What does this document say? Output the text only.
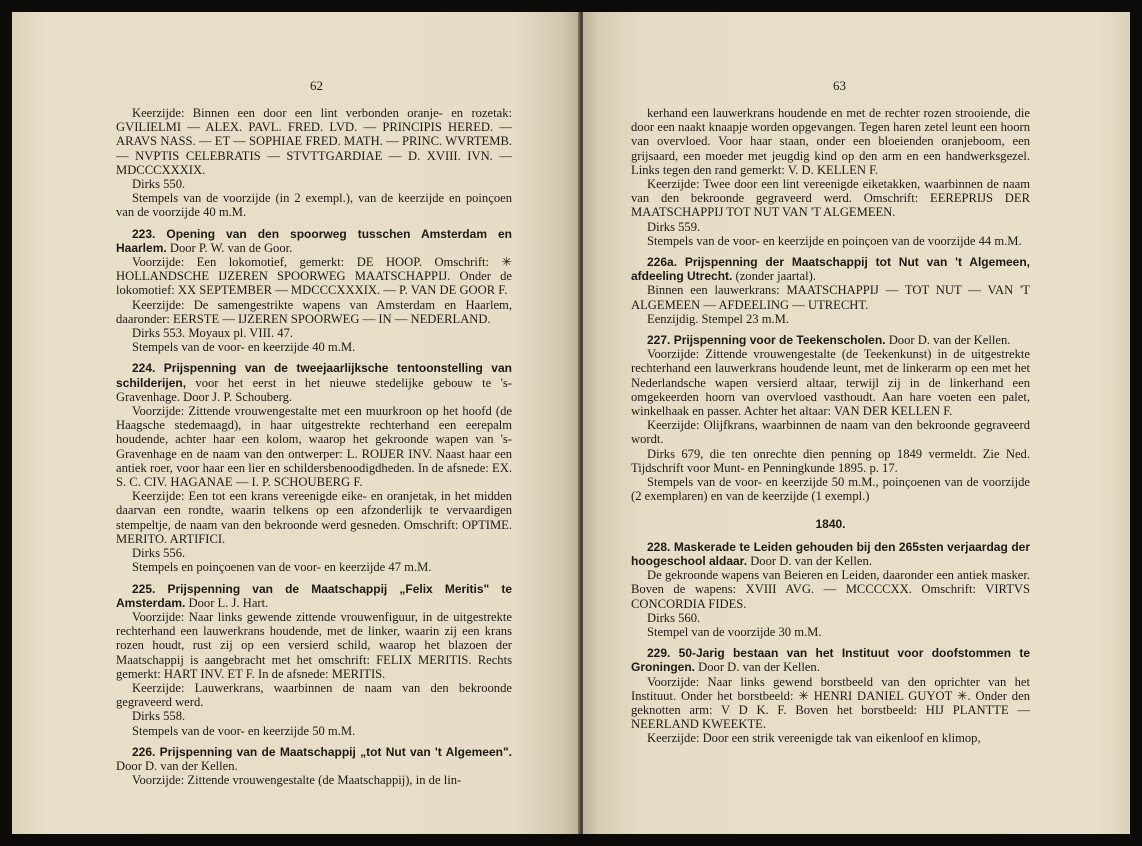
62

Keerzijde: Binnen een door een lint verbonden oranje- en rozetak: GVILIELMI — ALEX. PAVL. FRED. LVD. — PRINCIPIS HERED. — ARAVS NASS. — ET — SOPHIAE FRED. MATH. — PRINC. WVRTEMB. — NVPTIS CELEBRATIS — STVTTGARDIAE — D. XVIII. IVN. — MDCCCXXXIX.

Dirks 550.

Stempels van de voorzijde (in 2 exempl.), van de keerzijde en poinçoen van de voorzijde 40 m.M.

223. Opening van den spoorweg tusschen Amsterdam en Haarlem. Door P. W. van de Goor.

Voorzijde: Een lokomotief, gemerkt: DE HOOP. Omschrift: ✳ HOLLANDSCHE IJZEREN SPOORWEG MAATSCHAPPIJ. Onder de lokomotief: XX SEPTEMBER — MDCCCXXXIX. — P. VAN DE GOOR F.

Keerzijde: De samengestrikte wapens van Amsterdam en Haarlem, daaronder: EERSTE — IJZEREN SPOORWEG — IN — NEDERLAND.

Dirks 553. Moyaux pl. VIII. 47.

Stempels van de voor- en keerzijde 40 m.M.

224. Prijspenning van de tweejaarlijksche tentoonstelling van schilderijen, voor het eerst in het nieuwe stedelijke gebouw te 's-Gravenhage. Door J. P. Schouberg.

Voorzijde: Zittende vrouwengestalte met een muurkroon op het hoofd (de Haagsche stedemaagd), in haar uitgestrekte rechterhand een eerepalm houdende, achter haar een kolom, waarop het gekroonde wapen van 's-Gravenhage en de naam van den ontwerper: L. ROIJER INV. Naast haar een antiek roer, voor haar een lier en schildersbenoodigdheden. In de afsnede: EX. S. C. CIV. HAGANAE — I. P. SCHOUBERG F.

Keerzijde: Een tot een krans vereenigde eike- en oranjetak, in het midden daarvan een rondte, waarin telkens op een afzonderlijk te vervaardigen stempeltje, de naam van den bekroonde werd gesneden. Omschrift: OPTIME. MERITO. ARTIFICI.

Dirks 556.

Stempels en poinçoenen van de voor- en keerzijde 47 m.M.

225. Prijspenning van de Maatschappij „Felix Meritis" te Amsterdam. Door L. J. Hart.

Voorzijde: Naar links gewende zittende vrouwenfiguur, in de uitgestrekte rechterhand een lauwerkrans houdende, met de linker, waarin zij een krans rozen houdt, rust zij op een versierd schild, waarop het blazoen der Maatschappij is aangebracht met het omschrift: FELIX MERITIS. Rechts gemerkt: HART INV. ET F. In de afsnede: MERITIS.

Keerzijde: Lauwerkrans, waarbinnen de naam van den bekroonde gegraveerd werd.

Dirks 558.

Stempels van de voor- en keerzijde 50 m.M.

226. Prijspenning van de Maatschappij „tot Nut van 't Algemeen". Door D. van der Kellen.

Voorzijde: Zittende vrouwengestalte (de Maatschappij), in de lin-

63

kerhand een lauwerkrans houdende en met de rechter rozen strooiende, die door een naakt knaapje worden opgevangen. Tegen haren zetel leunt een hoorn van overvloed. Voor haar staan, onder een bloeienden oranjeboom, een grijsaard, een moeder met jeugdig kind op den arm en een handwerksgezel. Links tegen den rand gemerkt: V. D. KELLEN F.

Keerzijde: Twee door een lint vereenigde eiketakken, waarbinnen de naam van den bekroonde gegraveerd werd. Omschrift: EEREPRIJS DER MAATSCHAPPIJ TOT NUT VAN 'T ALGEMEEN.

Dirks 559.

Stempels van de voor- en keerzijde en poinçoen van de voorzijde 44 m.M.

226a. Prijspenning der Maatschappij tot Nut van 't Algemeen, afdeeling Utrecht. (zonder jaartal).

Binnen een lauwerkrans: MAATSCHAPPIJ — TOT NUT — VAN 'T ALGEMEEN — AFDEELING — UTRECHT.

Eenzijdig. Stempel 23 m.M.

227. Prijspenning voor de Teekenscholen. Door D. van der Kellen.

Voorzijde: Zittende vrouwengestalte (de Teekenkunst) in de uitgestrekte rechterhand een lauwerkrans houdende leunt, met de linkerarm op een met het Nederlandsche wapen versierd altaar, terwijl zij in de linkerhand een omgekeerden hoorn van overvloed vasthoudt. Aan hare voeten een palet, winkelhaak en passer. Achter het altaar: VAN DER KELLEN F.

Keerzijde: Olijfkrans, waarbinnen de naam van den bekroonde gegraveerd wordt.

Dirks 679, die ten onrechte dien penning op 1849 vermeldt. Zie Ned. Tijdschrift voor Munt- en Penningkunde 1895. p. 17.

Stempels van de voor- en keerzijde 50 m.M., poinçoenen van de voorzijde (2 exemplaren) en van de keerzijde (1 exempl.)

1840.

228. Maskerade te Leiden gehouden bij den 265sten verjaardag der hoogeschool aldaar. Door D. van der Kellen.

De gekroonde wapens van Beieren en Leiden, daaronder een antiek masker. Boven de wapens: XVIII AVG. — MCCCCXX. Omschrift: VIRTVS CONCORDIA FIDES.

Dirks 560.

Stempel van de voorzijde 30 m.M.

229. 50-Jarig bestaan van het Instituut voor doofstommen te Groningen. Door D. van der Kellen.

Voorzijde: Naar links gewend borstbeeld van den oprichter van het Instituut. Onder het borstbeeld: ✳ HENRI DANIEL GUYOT ✳. Onder den geknotten arm: V D K. F. Boven het borstbeeld: HIJ PLANTTE — NEERLAND KWEEKTE.

Keerzijde: Door een strik vereenigde tak van eikenloof en klimop,
